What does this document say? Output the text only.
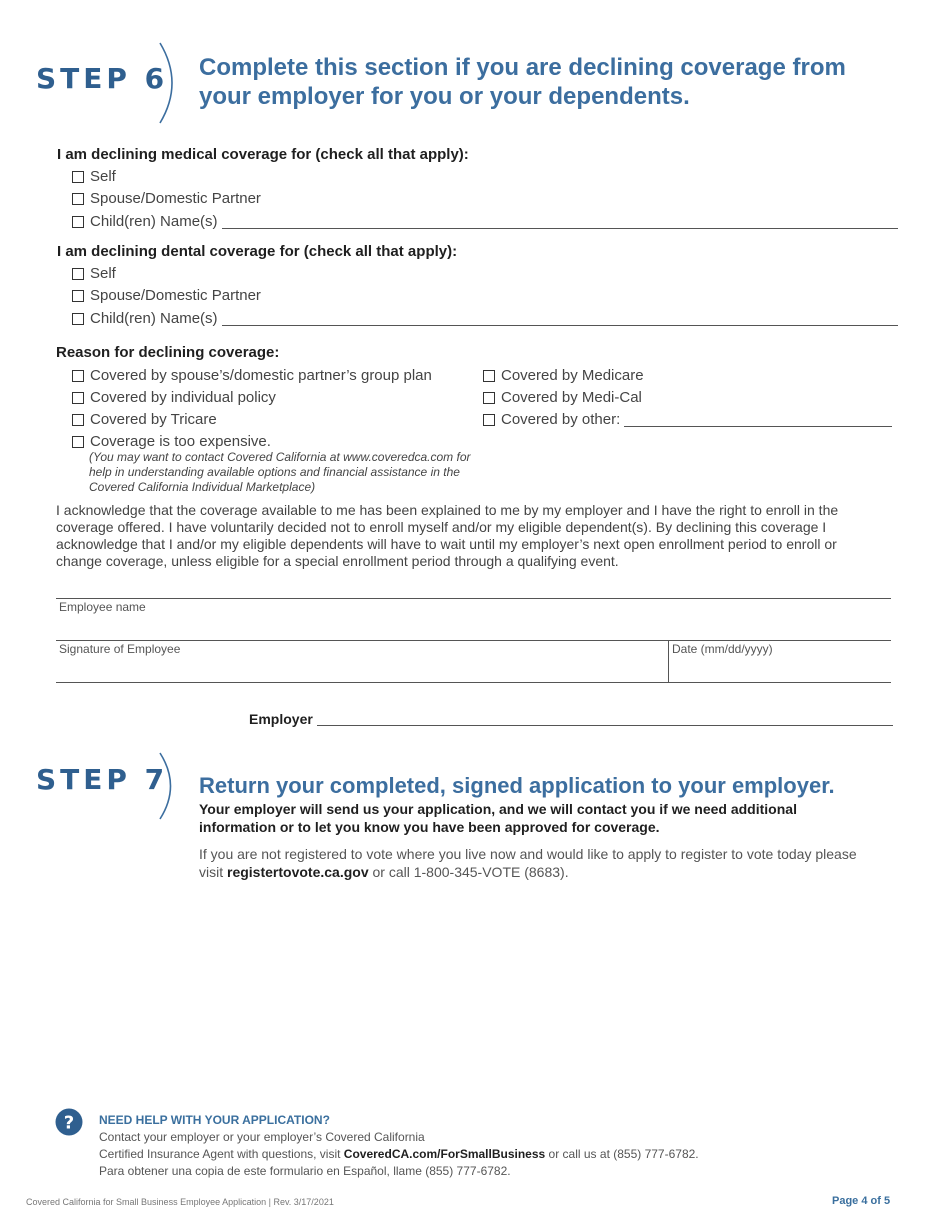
STEP 6 Complete this section if you are declining coverage from
your employer for you or your dependents.
I am declining medical coverage for (check all that apply):
Self
Spouse/Domestic Partner
Child(ren) Name(s)
I am declining dental coverage for (check all that apply):
Self
Spouse/Domestic Partner
Child(ren) Name(s)
Reason for declining coverage:
Covered by spouse’s/domestic partner’s group plan
Covered by individual policy
Covered by Tricare
Coverage is too expensive.
(You may want to contact Covered California at www.coveredca.com for
help in understanding available options and financial assistance in the
Covered California Individual Marketplace)
Covered by Medicare
Covered by Medi-Cal
Covered by other:
I acknowledge that the coverage available to me has been explained to me by my employer and I have the right to enroll in the
coverage offered. I have voluntarily decided not to enroll myself and/or my eligible dependent(s). By declining this coverage I
acknowledge that I and/or my eligible dependents will have to wait until my employer’s next open enrollment period to enroll or
change coverage, unless eligible for a special enrollment period through a qualifying event.
Employee name
Signature of Employee	Date (mm/dd/yyyy)
Employer
STEP 7 Return your completed, signed application to your employer.
Your employer will send us your application, and we will contact you if we need additional
information or to let you know you have been approved for coverage.
If you are not registered to vote where you live now and would like to apply to register to vote today please
visit registertovote.ca.gov or call 1-800-345-VOTE (8683).
? NEED HELP WITH YOUR APPLICATION?
Contact your employer or your employer’s Covered California
Certified Insurance Agent with questions, visit CoveredCA.com/ForSmallBusiness or call us at (855) 777-6782.
Para obtener una copia de este formulario en Español, llame (855) 777-6782.
Covered California for Small Business Employee Application | Rev. 3/17/2021	Page 4 of 5
